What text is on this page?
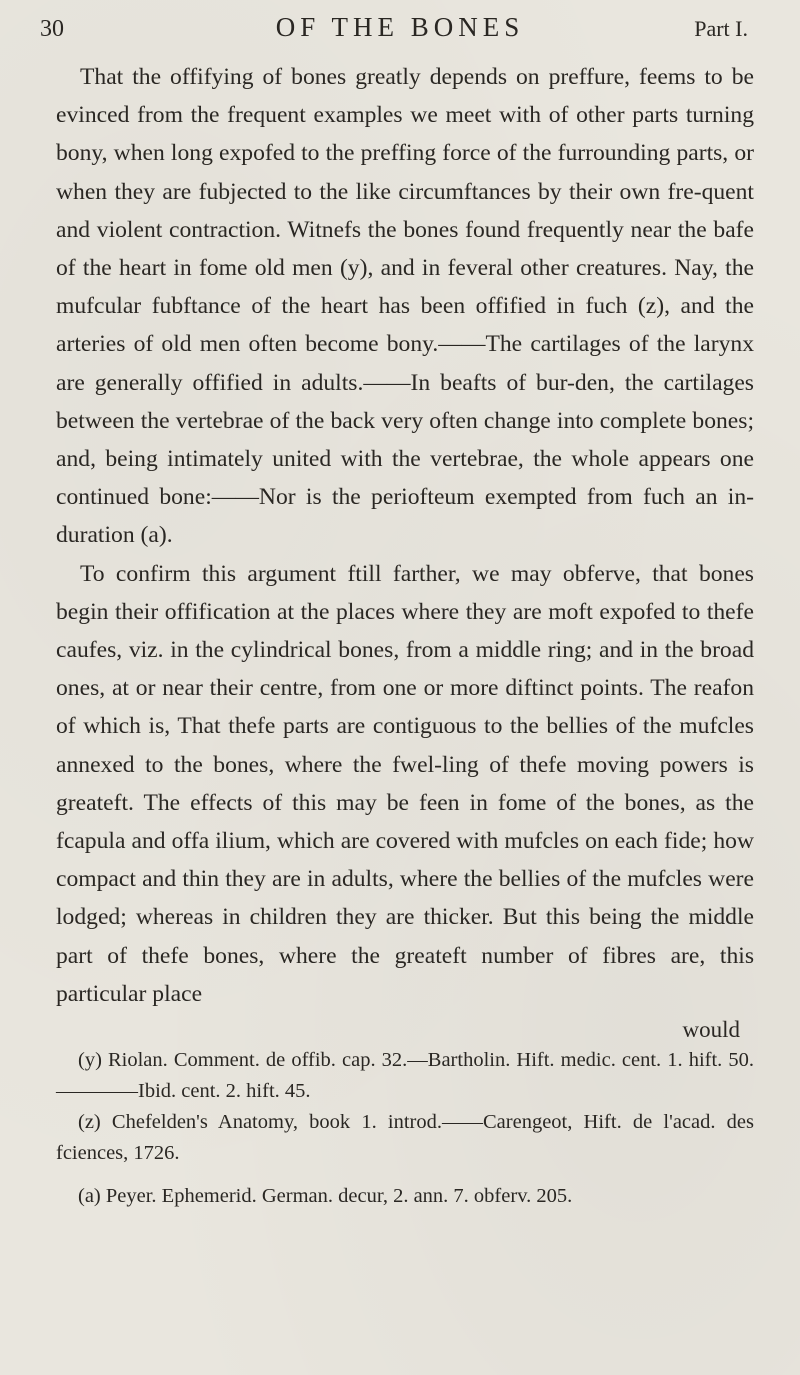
30	OF THE BONES	Part I.

That the offifying of bones greatly depends on preffure, feems to be evinced from the frequent examples we meet with of other parts turning bony, when long expofed to the preffing force of the furrounding parts, or when they are fubjected to the like circumftances by their own fre-quent and violent contraction. Witnefs the bones found frequently near the bafe of the heart in fome old men (y), and in feveral other creatures. Nay, the mufcular fubftance of the heart has been offified in fuch (z), and the arteries of old men often become bony.——The cartilages of the larynx are generally offified in adults.——In beafts of bur-den, the cartilages between the vertebrae of the back very often change into complete bones; and, being intimately united with the vertebrae, the whole appears one continued bone:——Nor is the periofteum exempted from fuch an in-duration (a).

To confirm this argument ftill farther, we may obferve, that bones begin their offification at the places where they are moft expofed to thefe caufes, viz. in the cylindrical bones, from a middle ring; and in the broad ones, at or near their centre, from one or more diftinct points. The reafon of which is, That thefe parts are contiguous to the bellies of the mufcles annexed to the bones, where the fwel-ling of thefe moving powers is greateft. The effects of this may be feen in fome of the bones, as the fcapula and offa ilium, which are covered with mufcles on each fide; how compact and thin they are in adults, where the bellies of the mufcles were lodged; whereas in children they are thicker. But this being the middle part of thefe bones, where the greateft number of fibres are, this particular place

would

(y) Riolan. Comment. de offib. cap. 32.—Bartholin. Hift. medic. cent. 1. hift. 50.————Ibid. cent. 2. hift. 45.

(z) Chefelden's Anatomy, book 1. introd.——Carengeot, Hift. de l'acad. des fciences, 1726.

(a) Peyer. Ephemerid. German. decur, 2. ann. 7. obferv. 205.
